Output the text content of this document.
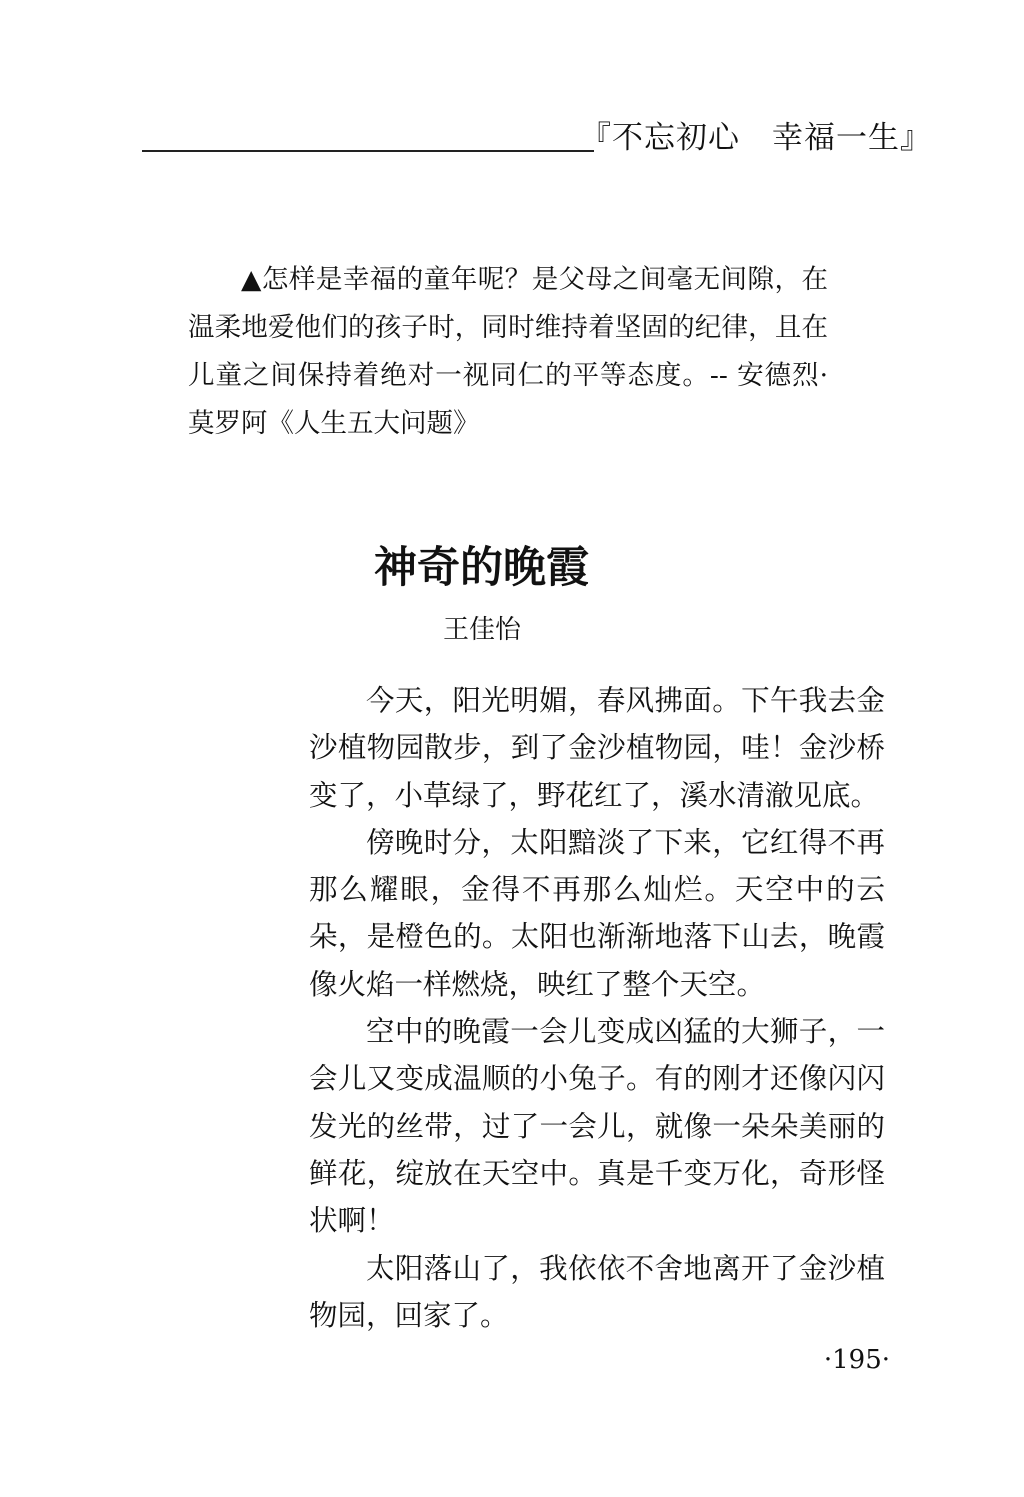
『不忘初心　幸福一生』

▲怎样是幸福的童年呢？是父母之间毫无间隙，在温柔地爱他们的孩子时，同时维持着坚固的纪律，且在儿童之间保持着绝对一视同仁的平等态度。-- 安德烈·莫罗阿《人生五大问题》

神奇的晚霞
王佳怡

今天，阳光明媚，春风拂面。下午我去金沙植物园散步，到了金沙植物园，哇！金沙桥变了，小草绿了，野花红了，溪水清澈见底。

傍晚时分，太阳黯淡了下来，它红得不再那么耀眼，金得不再那么灿烂。天空中的云朵，是橙色的。太阳也渐渐地落下山去，晚霞像火焰一样燃烧，映红了整个天空。

空中的晚霞一会儿变成凶猛的大狮子，一会儿又变成温顺的小兔子。有的刚才还像闪闪发光的丝带，过了一会儿，就像一朵朵美丽的鲜花，绽放在天空中。真是千变万化，奇形怪状啊！

太阳落山了，我依依不舍地离开了金沙植物园，回家了。

·195·
